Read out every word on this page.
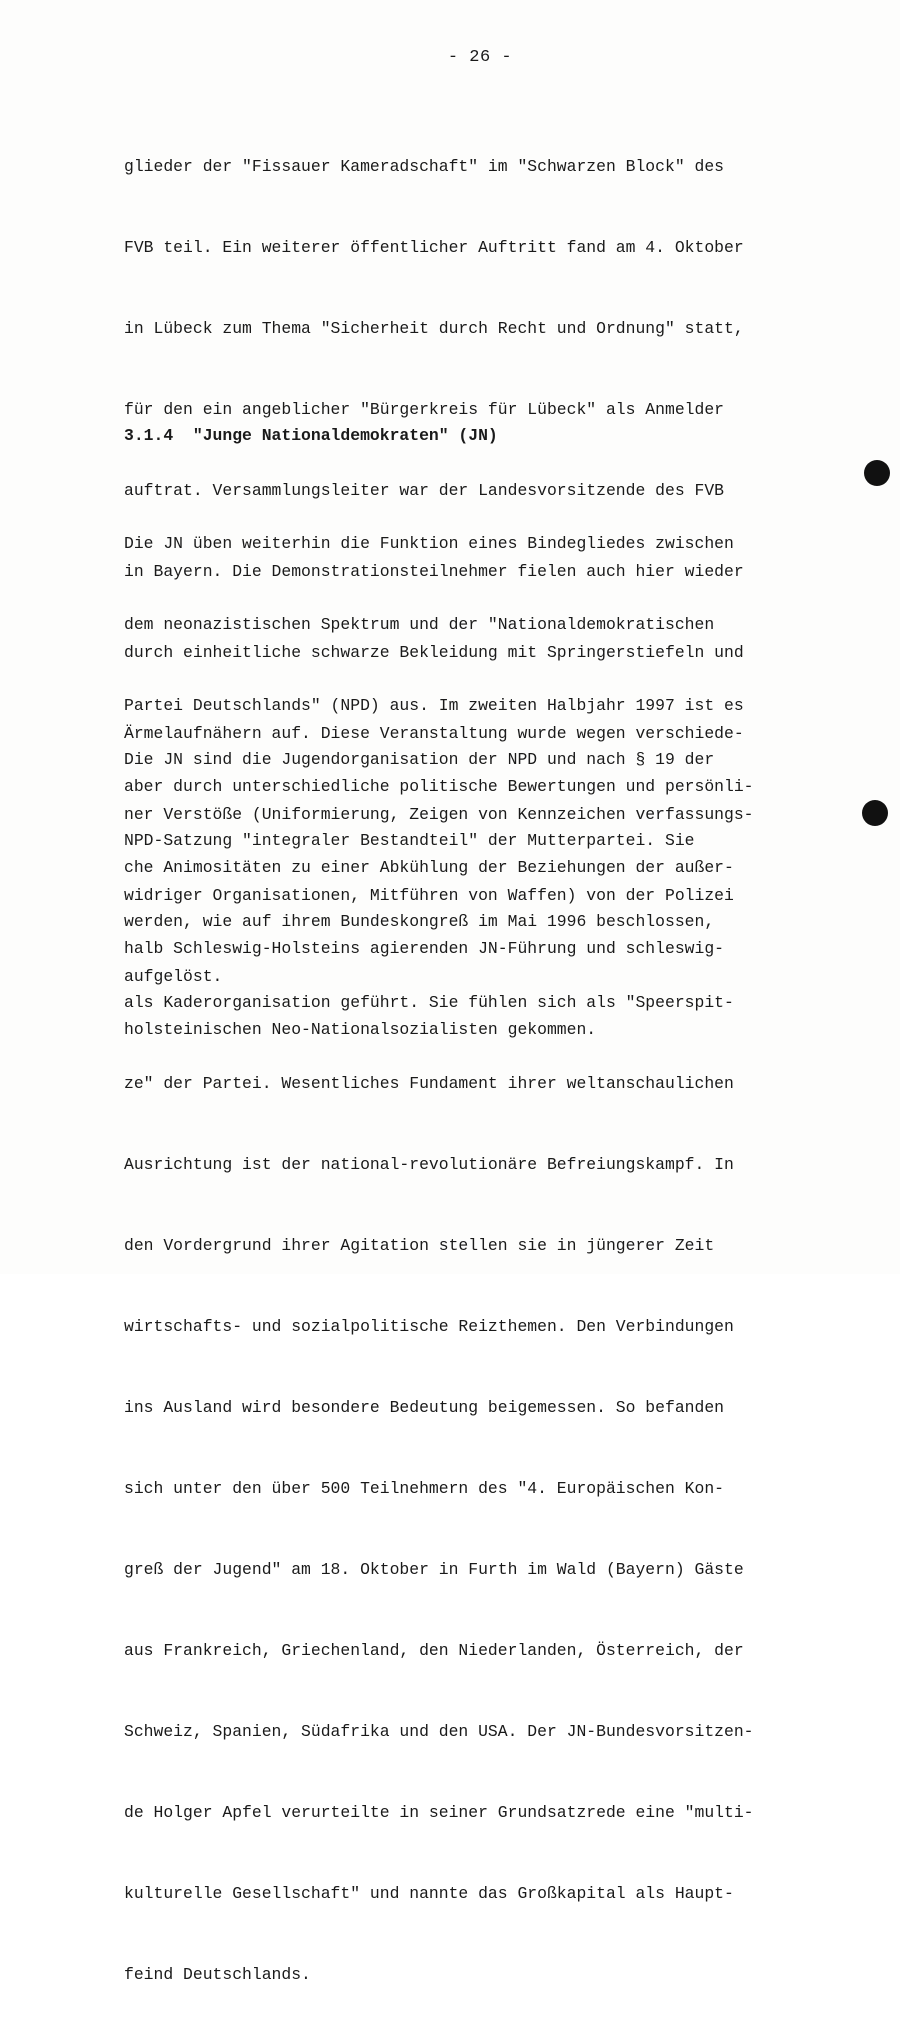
- 26 -

glieder der "Fissauer Kameradschaft" im "Schwarzen Block" des

FVB teil. Ein weiterer öffentlicher Auftritt fand am 4. Oktober

in Lübeck zum Thema "Sicherheit durch Recht und Ordnung" statt,

für den ein angeblicher "Bürgerkreis für Lübeck" als Anmelder

auftrat. Versammlungsleiter war der Landesvorsitzende des FVB

in Bayern. Die Demonstrationsteilnehmer fielen auch hier wieder

durch einheitliche schwarze Bekleidung mit Springerstiefeln und

Ärmelaufnähern auf. Diese Veranstaltung wurde wegen verschiede-

ner Verstöße (Uniformierung, Zeigen von Kennzeichen verfassungs-

widriger Organisationen, Mitführen von Waffen) von der Polizei

aufgelöst.

3.1.4  "Junge Nationaldemokraten" (JN)

Die JN üben weiterhin die Funktion eines Bindegliedes zwischen

dem neonazistischen Spektrum und der "Nationaldemokratischen

Partei Deutschlands" (NPD) aus. Im zweiten Halbjahr 1997 ist es

aber durch unterschiedliche politische Bewertungen und persönli-

che Animositäten zu einer Abkühlung der Beziehungen der außer-

halb Schleswig-Holsteins agierenden JN-Führung und schleswig-

holsteinischen Neo-Nationalsozialisten gekommen.

Die JN sind die Jugendorganisation der NPD und nach § 19 der

NPD-Satzung "integraler Bestandteil" der Mutterpartei. Sie

werden, wie auf ihrem Bundeskongreß im Mai 1996 beschlossen,

als Kaderorganisation geführt. Sie fühlen sich als "Speerspit-

ze" der Partei. Wesentliches Fundament ihrer weltanschaulichen

Ausrichtung ist der national-revolutionäre Befreiungskampf. In

den Vordergrund ihrer Agitation stellen sie in jüngerer Zeit

wirtschafts- und sozialpolitische Reizthemen. Den Verbindungen

ins Ausland wird besondere Bedeutung beigemessen. So befanden

sich unter den über 500 Teilnehmern des "4. Europäischen Kon-

greß der Jugend" am 18. Oktober in Furth im Wald (Bayern) Gäste

aus Frankreich, Griechenland, den Niederlanden, Österreich, der

Schweiz, Spanien, Südafrika und den USA. Der JN-Bundesvorsitzen-

de Holger Apfel verurteilte in seiner Grundsatzrede eine "multi-

kulturelle Gesellschaft" und nannte das Großkapital als Haupt-

feind Deutschlands.
